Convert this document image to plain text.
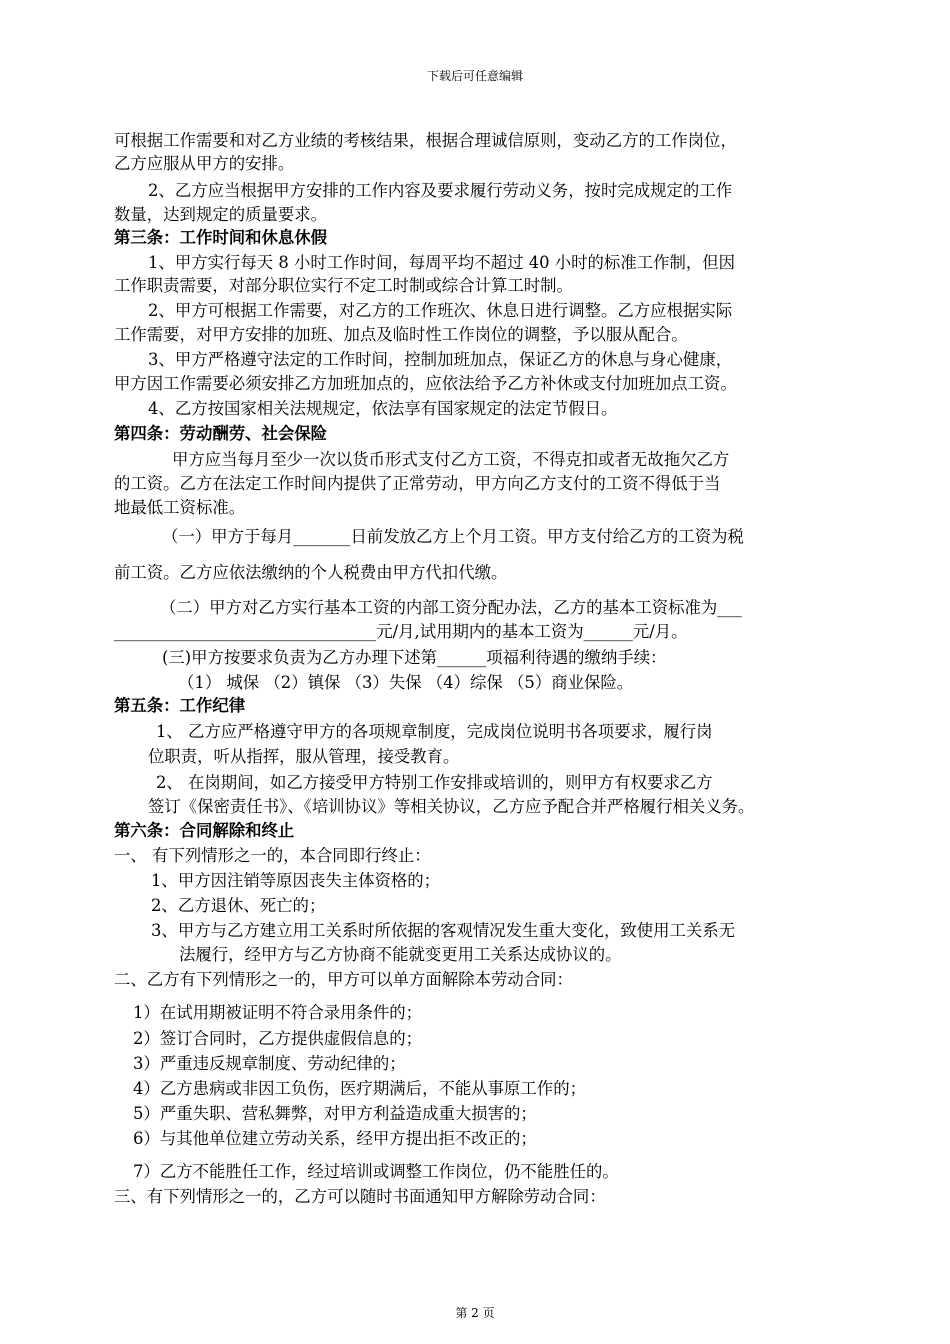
下载后可任意编辑
可根据工作需要和对乙方业绩的考核结果，根据合理诚信原则，变动乙方的工作岗位，
乙方应服从甲方的安排。
2、乙方应当根据甲方安排的工作内容及要求履行劳动义务，按时完成规定的工作
数量，达到规定的质量要求。
第三条：工作时间和休息休假
1、甲方实行每天 8 小时工作时间，每周平均不超过 40 小时的标准工作制，但因
工作职责需要，对部分职位实行不定工时制或综合计算工时制。
2、甲方可根据工作需要，对乙方的工作班次、休息日进行调整。乙方应根据实际
工作需要，对甲方安排的加班、加点及临时性工作岗位的调整，予以服从配合。
3、甲方严格遵守法定的工作时间，控制加班加点，保证乙方的休息与身心健康，
甲方因工作需要必须安排乙方加班加点的，应依法给予乙方补休或支付加班加点工资。
4、乙方按国家相关法规规定，依法享有国家规定的法定节假日。
第四条：劳动酬劳、社会保险
甲方应当每月至少一次以货币形式支付乙方工资，不得克扣或者无故拖欠乙方
的工资。乙方在法定工作时间内提供了正常劳动，甲方向乙方支付的工资不得低于当
地最低工资标准。
（一）甲方于每月_______日前发放乙方上个月工资。甲方支付给乙方的工资为税
前工资。乙方应依法缴纳的个人税费由甲方代扣代缴。
（二）甲方对乙方实行基本工资的内部工资分配办法，乙方的基本工资标准为___
________________________________元/月,试用期内的基本工资为______元/月。
(三)甲方按要求负责为乙方办理下述第______项福利待遇的缴纳手续：
（1） 城保 （2）镇保 （3）失保 （4）综保 （5）商业保险。
第五条：工作纪律
1、 乙方应严格遵守甲方的各项规章制度，完成岗位说明书各项要求，履行岗
位职责，听从指挥，服从管理，接受教育。
2、 在岗期间，如乙方接受甲方特别工作安排或培训的，则甲方有权要求乙方
签订《保密责任书》、《培训协议》等相关协议，乙方应予配合并严格履行相关义务。
第六条：合同解除和终止
一、 有下列情形之一的，本合同即行终止：
1、甲方因注销等原因丧失主体资格的；
2、乙方退休、死亡的；
3、甲方与乙方建立用工关系时所依据的客观情况发生重大变化，致使用工关系无
法履行，经甲方与乙方协商不能就变更用工关系达成协议的。
二、乙方有下列情形之一的，甲方可以单方面解除本劳动合同：
1）在试用期被证明不符合录用条件的；
2）签订合同时，乙方提供虚假信息的；
3）严重违反规章制度、劳动纪律的；
4）乙方患病或非因工负伤，医疗期满后，不能从事原工作的；
5）严重失职、营私舞弊，对甲方利益造成重大损害的；
6）与其他单位建立劳动关系，经甲方提出拒不改正的；
7）乙方不能胜任工作，经过培训或调整工作岗位，仍不能胜任的。
三、有下列情形之一的，乙方可以随时书面通知甲方解除劳动合同：
第 2 页
